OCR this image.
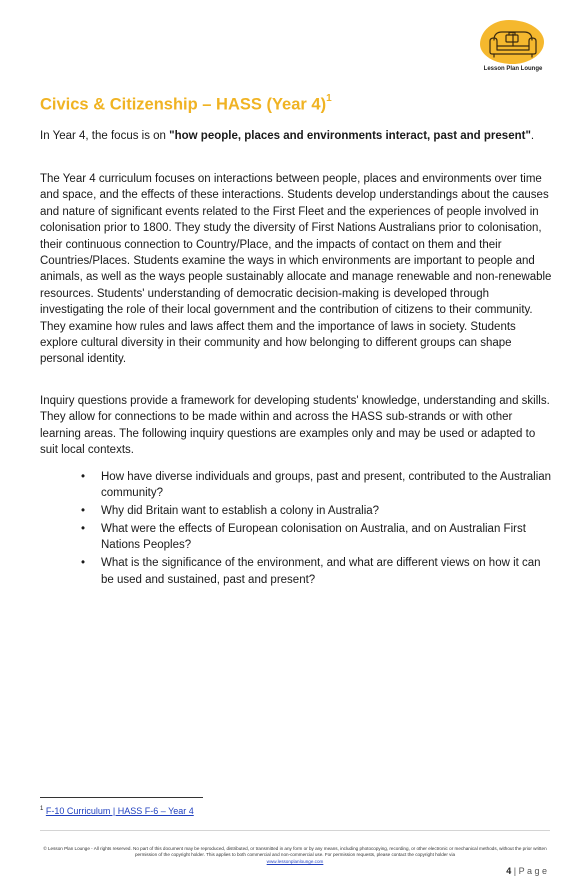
Lesson Plan Lounge
Civics & Citizenship – HASS (Year 4)$^1$

In Year 4, the focus is on "how people, places and environments interact, past and present".

The Year 4 curriculum focuses on interactions between people, places and environments over time and space, and the effects of these interactions. Students develop understandings about the causes and nature of significant events related to the First Fleet and the experiences of people involved in colonisation prior to 1800. They study the diversity of First Nations Australians prior to colonisation, their continuous connection to Country/Place, and the impacts of contact on them and their Countries/Places. Students examine the ways in which environments are important to people and animals, as well as the ways people sustainably allocate and manage renewable and non-renewable resources. Students' understanding of democratic decision-making is developed through investigating the role of their local government and the contribution of citizens to their community. They examine how rules and laws affect them and the importance of laws in society. Students explore cultural diversity in their community and how belonging to different groups can shape personal identity.

Inquiry questions provide a framework for developing students' knowledge, understanding and skills. They allow for connections to be made within and across the HASS sub-strands or with other learning areas. The following inquiry questions are examples only and may be used or adapted to suit local contexts.

• How have diverse individuals and groups, past and present, contributed to the Australian community?
• Why did Britain want to establish a colony in Australia?
• What were the effects of European colonisation on Australia, and on Australian First Nations Peoples?
• What is the significance of the environment, and what are different views on how it can be used and sustained, past and present?
$^1$ F-10 Curriculum | HASS F-6 – Year 4
© Lesson Plan Lounge - All rights reserved. No part of this document may be reproduced, distributed, or transmitted in any form or by any means, including photocopying, recording, or other electronic or mechanical methods, without the prior written permission of the copyright holder. This applies to both commercial and non-commercial use. For permission requests, please contact the copyright holder via
www.lessonplanlounge.com
4 | P a g e
